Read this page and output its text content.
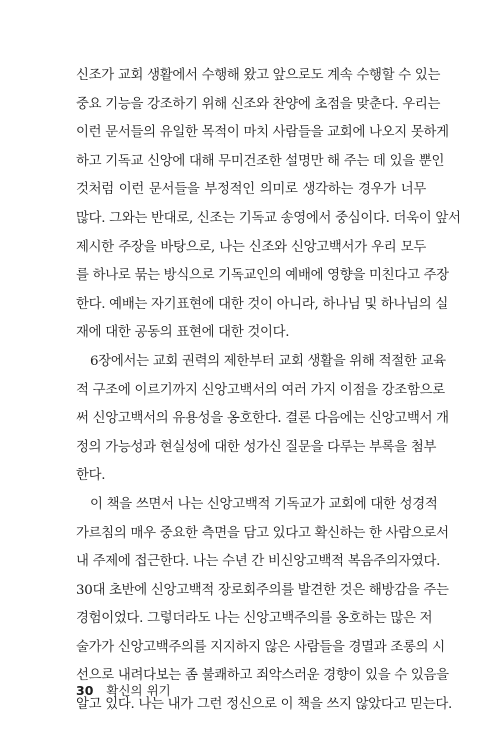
신조가 교회 생활에서 수행해 왔고 앞으로도 계속 수행할 수 있는
중요 기능을 강조하기 위해 신조와 찬양에 초점을 맞춘다. 우리는
이런 문서들의 유일한 목적이 마치 사람들을 교회에 나오지 못하게
하고 기독교 신앙에 대해 무미건조한 설명만 해 주는 데 있을 뿐인
것처럼 이런 문서들을 부정적인 의미로 생각하는 경우가 너무
많다. 그와는 반대로, 신조는 기독교 송영에서 중심이다. 더욱이 앞서
제시한 주장을 바탕으로, 나는 신조와 신앙고백서가 우리 모두
를 하나로 묶는 방식으로 기독교인의 예배에 영향을 미친다고 주장
한다. 예배는 자기표현에 대한 것이 아니라, 하나님 및 하나님의 실
재에 대한 공동의 표현에 대한 것이다.
6장에서는 교회 권력의 제한부터 교회 생활을 위해 적절한 교육
적 구조에 이르기까지 신앙고백서의 여러 가지 이점을 강조함으로
써 신앙고백서의 유용성을 옹호한다. 결론 다음에는 신앙고백서 개
정의 가능성과 현실성에 대한 성가신 질문을 다루는 부록을 첨부
한다.
이 책을 쓰면서 나는 신앙고백적 기독교가 교회에 대한 성경적
가르침의 매우 중요한 측면을 담고 있다고 확신하는 한 사람으로서
내 주제에 접근한다. 나는 수년 간 비신앙고백적 복음주의자였다.
30대 초반에 신앙고백적 장로회주의를 발견한 것은 해방감을 주는
경험이었다. 그렇더라도 나는 신앙고백주의를 옹호하는 많은 저
술가가 신앙고백주의를 지지하지 않은 사람들을 경멸과 조롱의 시
선으로 내려다보는 좀 불쾌하고 죄악스러운 경향이 있을 수 있음을
알고 있다. 나는 내가 그런 정신으로 이 책을 쓰지 않았다고 믿는다.
30 확신의 위기
